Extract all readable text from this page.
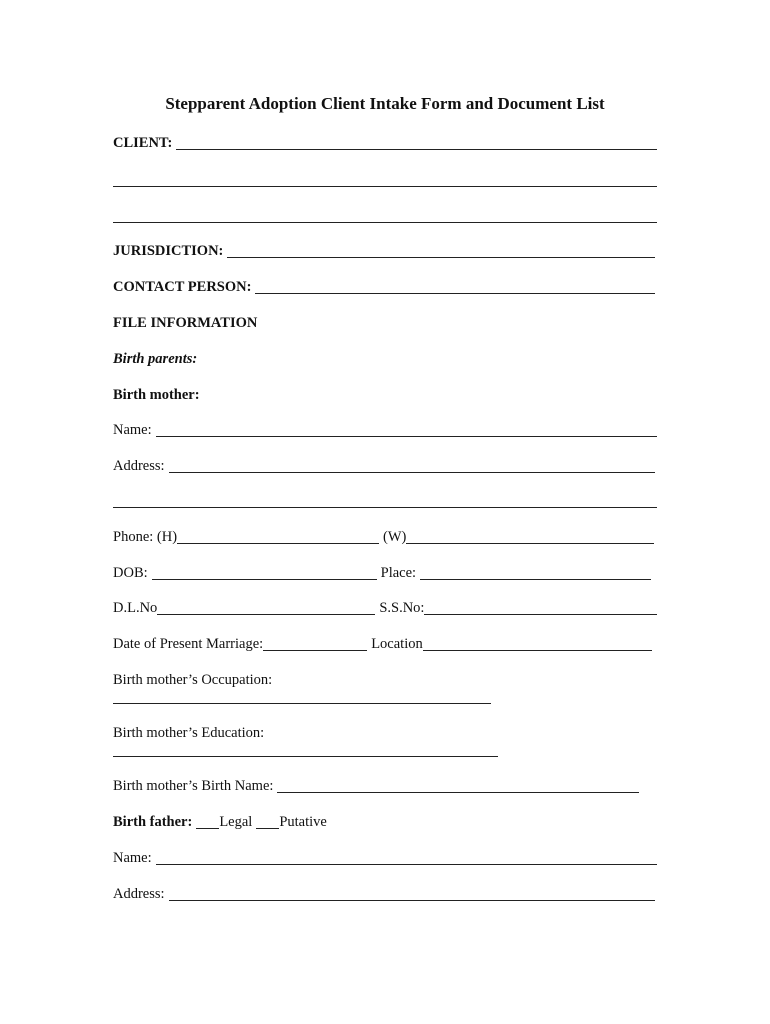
Stepparent Adoption Client Intake Form and Document List
CLIENT:
JURISDICTION:
CONTACT PERSON:
FILE INFORMATION
Birth parents:
Birth mother:
Name:
Address:
Phone: (H)	(W)
DOB:	Place:
D.L.No	S.S.No:
Date of Present Marriage:	Location
Birth mother’s Occupation:
Birth mother’s Education:
Birth mother’s Birth Name:
Birth father: Legal Putative
Name:
Address:
